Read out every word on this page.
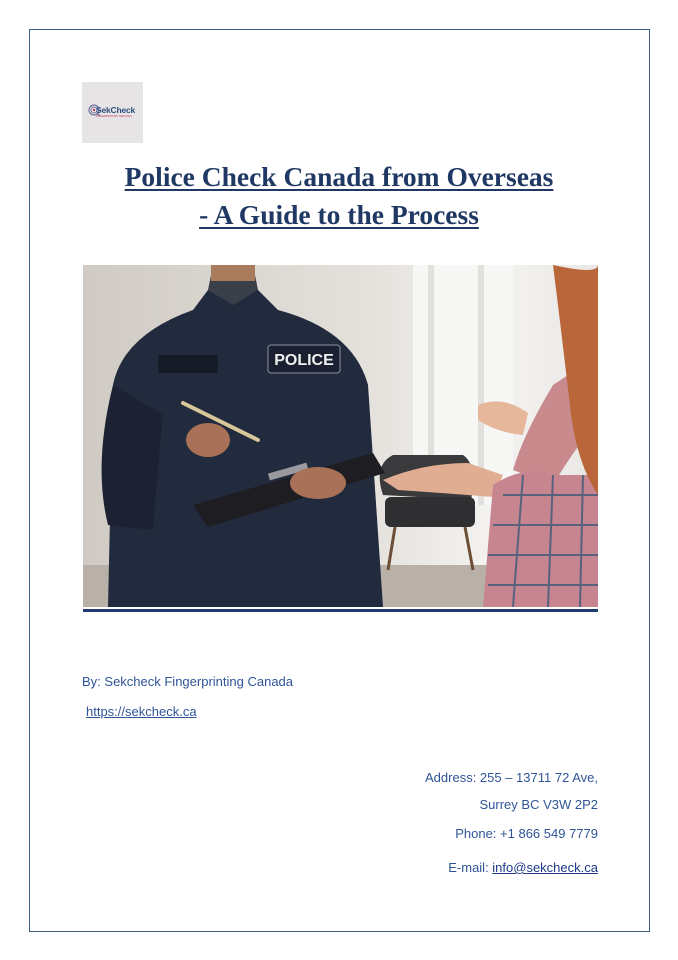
SekCheck
FINGERPRINTING SERVICES
Police Check Canada from Overseas
- A Guide to the Process
POLICE
By: Sekcheck Fingerprinting Canada
https://sekcheck.ca
Address: 255 – 13711 72 Ave,
Surrey BC V3W 2P2
Phone: +1 866 549 7779
E-mail: info@sekcheck.ca
